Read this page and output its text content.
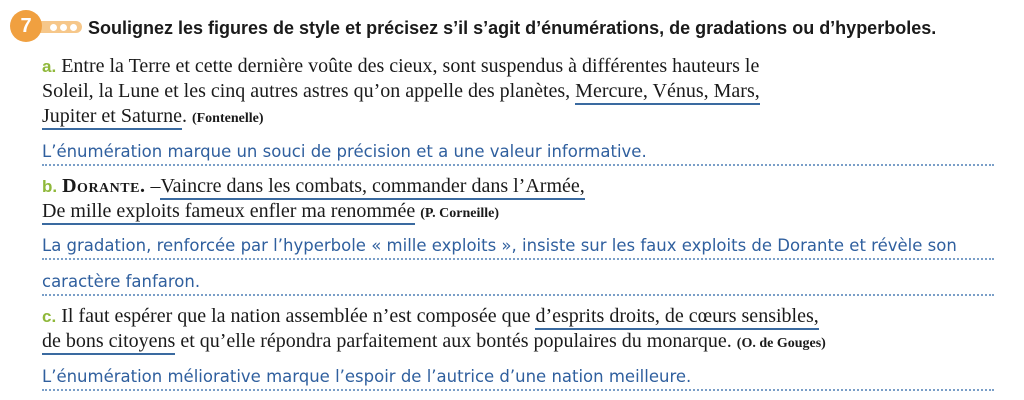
7	Soulignez les figures de style et précisez s’il s’agit d’énumérations, de gradations ou d’hyperboles.
a. Entre la Terre et cette dernière voûte des cieux, sont suspendus à différentes hauteurs le
Soleil, la Lune et les cinq autres astres qu’on appelle des planètes, Mercure, Vénus, Mars,
Jupiter et Saturne. (Fontenelle)
L’énumération marque un souci de précision et a une valeur informative.
b. Dorante. –Vaincre dans les combats, commander dans l’Armée,
De mille exploits fameux enfler ma renommée (P. Corneille)
La gradation, renforcée par l’hyperbole « mille exploits », insiste sur les faux exploits de Dorante et révèle son
caractère fanfaron.
c. Il faut espérer que la nation assemblée n’est composée que d’esprits droits, de cœurs sensibles,
de bons citoyens et qu’elle répondra parfaitement aux bontés populaires du monarque. (O. de Gouges)
L’énumération méliorative marque l’espoir de l’autrice d’une nation meilleure.
